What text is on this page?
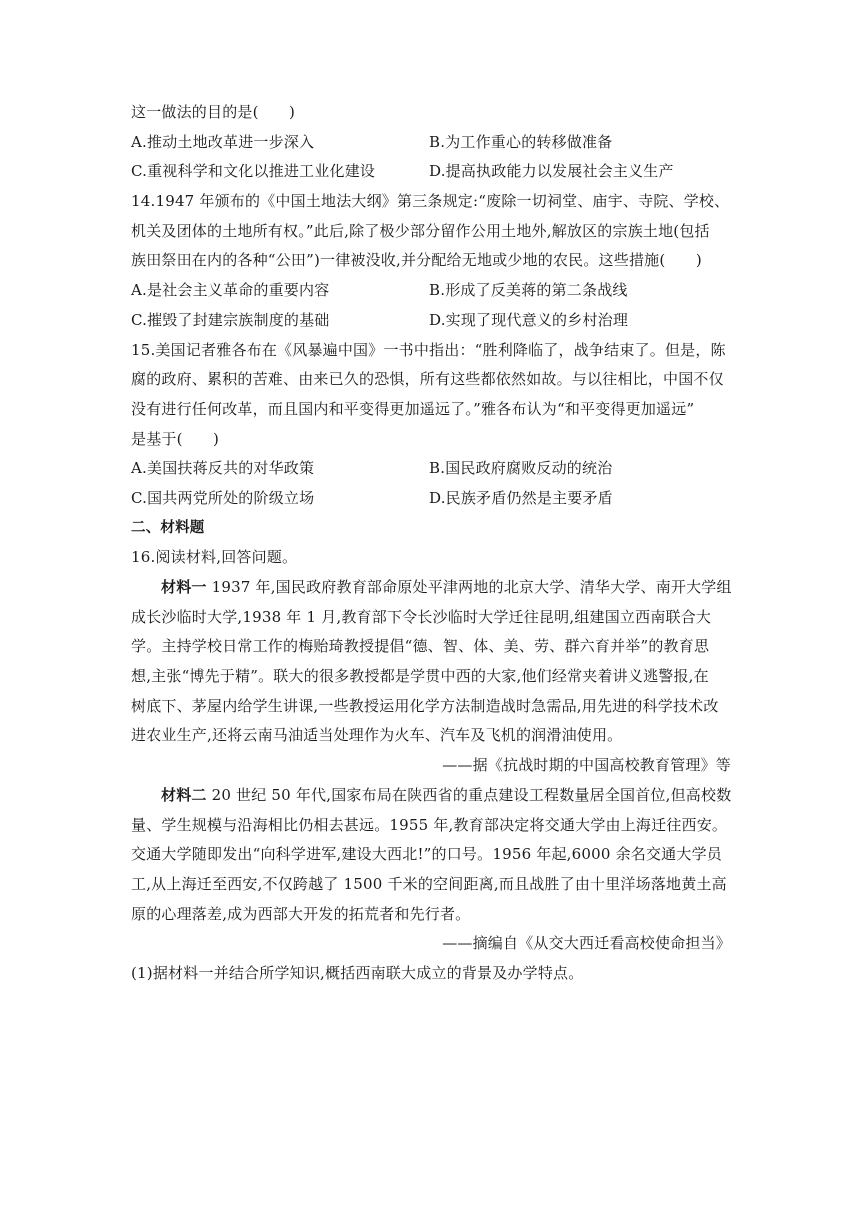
这一做法的目的是(　　)
A.推动土地改革进一步深入	B.为工作重心的转移做准备
C.重视科学和文化以推进工业化建设	D.提高执政能力以发展社会主义生产
14.1947 年颁布的《中国土地法大纲》第三条规定:“废除一切祠堂、庙宇、寺院、学校、
机关及团体的土地所有权。”此后,除了极少部分留作公用土地外,解放区的宗族土地(包括
族田祭田在内的各种“公田”)一律被没收,并分配给无地或少地的农民。这些措施(　　)
A.是社会主义革命的重要内容	B.形成了反美蒋的第二条战线
C.摧毁了封建宗族制度的基础	D.实现了现代意义的乡村治理
15.美国记者雅各布在《风暴遍中国》一书中指出：“胜利降临了，战争结束了。但是，陈
腐的政府、累积的苦难、由来已久的恐惧，所有这些都依然如故。与以往相比，中国不仅
没有进行任何改革，而且国内和平变得更加遥远了。”雅各布认为“和平变得更加遥远”
是基于(　　)
A.美国扶蒋反共的对华政策	B.国民政府腐败反动的统治
C.国共两党所处的阶级立场	D.民族矛盾仍然是主要矛盾
二、材料题
16.阅读材料,回答问题。
材料一 1937 年,国民政府教育部命原处平津两地的北京大学、清华大学、南开大学组
成长沙临时大学,1938 年 1 月,教育部下令长沙临时大学迁往昆明,组建国立西南联合大
学。主持学校日常工作的梅贻琦教授提倡“德、智、体、美、劳、群六育并举”的教育思
想,主张“博先于精”。联大的很多教授都是学贯中西的大家,他们经常夹着讲义逃警报,在
树底下、茅屋内给学生讲课,一些教授运用化学方法制造战时急需品,用先进的科学技术改
进农业生产,还将云南马油适当处理作为火车、汽车及飞机的润滑油使用。
——据《抗战时期的中国高校教育管理》等
材料二 20 世纪 50 年代,国家布局在陕西省的重点建设工程数量居全国首位,但高校数
量、学生规模与沿海相比仍相去甚远。1955 年,教育部决定将交通大学由上海迁往西安。
交通大学随即发出“向科学进军,建设大西北!”的口号。1956 年起,6000 余名交通大学员
工,从上海迁至西安,不仅跨越了 1500 千米的空间距离,而且战胜了由十里洋场落地黄土高
原的心理落差,成为西部大开发的拓荒者和先行者。
——摘编自《从交大西迁看高校使命担当》
(1)据材料一并结合所学知识,概括西南联大成立的背景及办学特点。
